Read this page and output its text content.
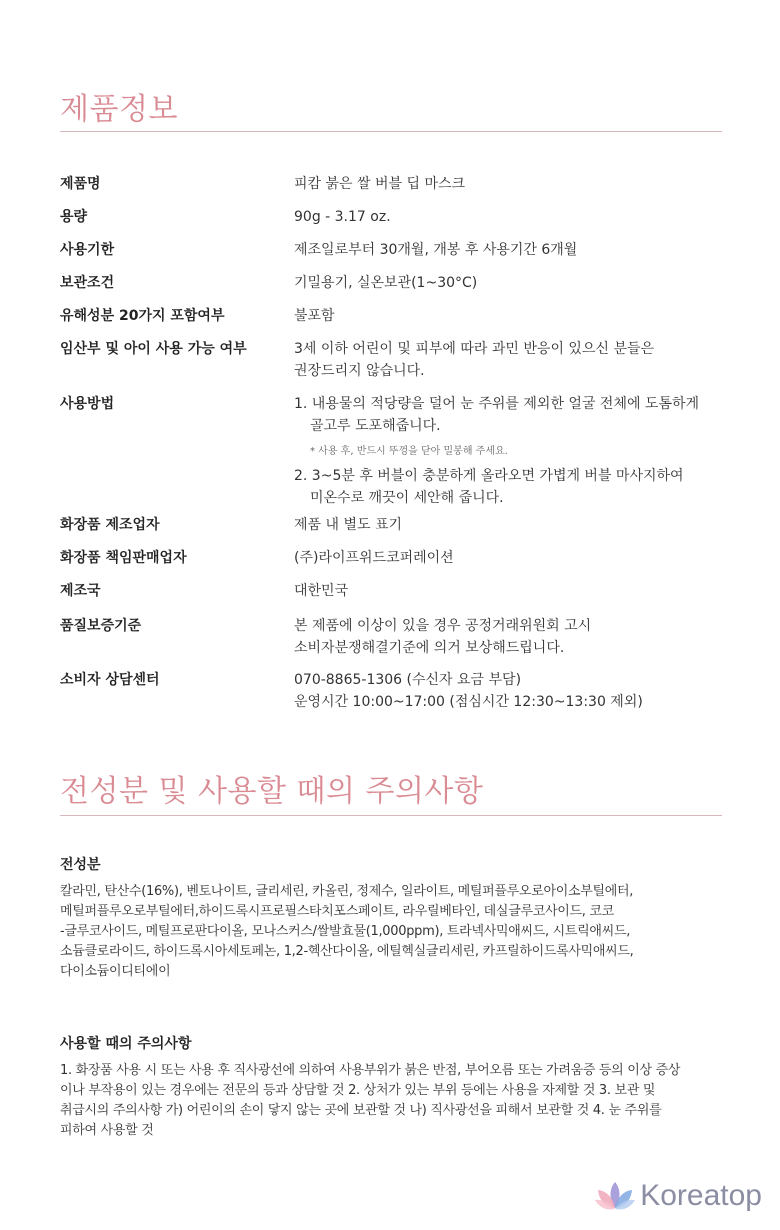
제품정보
제품명	피캄 붉은 쌀 버블 딥 마스크
용량	90g - 3.17 oz.
사용기한	제조일로부터 30개월, 개봉 후 사용기간 6개월
보관조건	기밀용기, 실온보관(1~30°C)
유해성분 20가지 포함여부	불포함
임산부 및 아이 사용 가능 여부	3세 이하 어린이 및 피부에 따라 과민 반응이 있으신 분들은
권장드리지 않습니다.
사용방법	1. 내용물의 적당량을 덜어 눈 주위를 제외한 얼굴 전체에 도톰하게
골고루 도포해줍니다.
* 사용 후, 반드시 뚜껑을 닫아 밀봉해 주세요.
2. 3~5분 후 버블이 충분하게 올라오면 가볍게 버블 마사지하여
미온수로 깨끗이 세안해 줍니다.
화장품 제조업자	제품 내 별도 표기
화장품 책임판매업자	(주)라이프위드코퍼레이션
제조국	대한민국
품질보증기준	본 제품에 이상이 있을 경우 공정거래위원회 고시
소비자분쟁해결기준에 의거 보상해드립니다.
소비자 상담센터	070-8865-1306 (수신자 요금 부담)
운영시간 10:00~17:00 (점심시간 12:30~13:30 제외)
전성분 및 사용할 때의 주의사항
전성분

칼라민, 탄산수(16%), 벤토나이트, 글리세린, 카올린, 정제수, 일라이트, 메틸퍼플루오로아이소부틸에터,
메틸퍼플루오로부틸에터,하이드록시프로필스타치포스페이트, 라우릴베타인, 데실글루코사이드, 코코
-글루코사이드, 메틸프로판다이올, 모나스커스/쌀발효물(1,000ppm), 트라넥사믹애씨드, 시트릭애씨드,
소듐클로라이드, 하이드록시아세토페논, 1,2-헥산다이올, 에틸헥실글리세린, 카프릴하이드록사믹애씨드,
다이소듐이디티에이

사용할 때의 주의사항

1. 화장품 사용 시 또는 사용 후 직사광선에 의하여 사용부위가 붉은 반점, 부어오름 또는 가려움증 등의 이상 증상
이나 부작용이 있는 경우에는 전문의 등과 상담할 것 2. 상처가 있는 부위 등에는 사용을 자제할 것 3. 보관 및
취급시의 주의사항 가) 어린이의 손이 닿지 않는 곳에 보관할 것 나) 직사광선을 피해서 보관할 것 4. 눈 주위를
피하여 사용할 것

Koreatop
